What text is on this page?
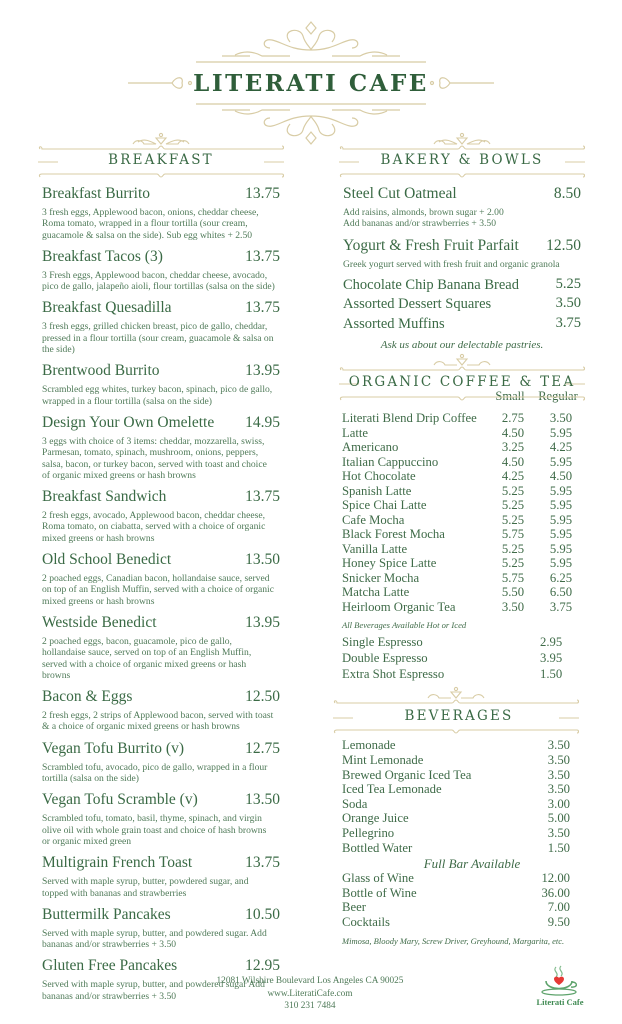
LITERATI CAFE
BREAKFAST
Breakfast Burrito	13.75
3 fresh eggs, Applewood bacon, onions, cheddar cheese, Roma tomato, wrapped in a flour tortilla (sour cream, guacamole & salsa on the side). Sub egg whites + 2.50
Breakfast Tacos (3)	13.75
3 Fresh eggs, Applewood bacon, cheddar cheese, avocado, pico de gallo, jalapeño aioli, flour tortillas (salsa on the side)
Breakfast Quesadilla	13.75
3 fresh eggs, grilled chicken breast, pico de gallo, cheddar, pressed in a flour tortilla (sour cream, guacamole & salsa on the side)
Brentwood Burrito	13.95
Scrambled egg whites, turkey bacon, spinach, pico de gallo, wrapped in a flour tortilla (salsa on the side)
Design Your Own Omelette 14.95
3 eggs with choice of 3 items: cheddar, mozzarella, swiss, Parmesan, tomato, spinach, mushroom, onions, peppers, salsa, bacon, or turkey bacon, served with toast and choice of organic mixed greens or hash browns
Breakfast Sandwich	13.75
2 fresh eggs, avocado, Applewood bacon, cheddar cheese, Roma tomato, on ciabatta, served with a choice of organic mixed greens or hash browns
Old School Benedict	13.50
2 poached eggs, Canadian bacon, hollandaise sauce, served on top of an English Muffin, served with a choice of organic mixed greens or hash browns
Westside Benedict	13.95
2 poached eggs, bacon, guacamole, pico de gallo, hollandaise sauce, served on top of an English Muffin, served with a choice of organic mixed greens or hash browns
Bacon & Eggs	12.50
2 fresh eggs, 2 strips of Applewood bacon, served with toast & a choice of organic mixed greens or hash browns
Vegan Tofu Burrito (v)	12.75
Scrambled tofu, avocado, pico de gallo, wrapped in a flour tortilla (salsa on the side)
Vegan Tofu Scramble (v)	13.50
Scrambled tofu, tomato, basil, thyme, spinach, and virgin olive oil with whole grain toast and choice of hash browns or organic mixed green
Multigrain French Toast	13.75
Served with maple syrup, butter, powdered sugar, and topped with bananas and strawberries
Buttermilk Pancakes	10.50
Served with maple syrup, butter, and powdered sugar. Add bananas and/or strawberries + 3.50
Gluten Free Pancakes	12.95
Served with maple syrup, butter, and powdered sugar Add bananas and/or strawberries + 3.50
BAKERY & BOWLS
Steel Cut Oatmeal	8.50
Add raisins, almonds, brown sugar + 2.00
Add bananas and/or strawberries + 3.50
Yogurt & Fresh Fruit Parfait 12.50
Greek yogurt served with fresh fruit and organic granola
Chocolate Chip Banana Bread	5.25
Assorted Dessert Squares	3.50
Assorted Muffins	3.75
Ask us about our delectable pastries.
ORGANIC COFFEE & TEA
Small	Regular
Literati Blend Drip Coffee	2.75	3.50
Latte	4.50	5.95
Americano	3.25	4.25
Italian Cappuccino	4.50	5.95
Hot Chocolate	4.25	4.50
Spanish Latte	5.25	5.95
Spice Chai Latte	5.25	5.95
Cafe Mocha	5.25	5.95
Black Forest Mocha	5.75	5.95
Vanilla Latte	5.25	5.95
Honey Spice Latte	5.25	5.95
Snicker Mocha	5.75	6.25
Matcha Latte	5.50	6.50
Heirloom Organic Tea	3.50	3.75
All Beverages Available Hot or Iced
Single Espresso	2.95
Double Espresso	3.95
Extra Shot Espresso	1.50
BEVERAGES
Lemonade	3.50
Mint Lemonade	3.50
Brewed Organic Iced Tea	3.50
Iced Tea Lemonade	3.50
Soda	3.00
Orange Juice	5.00
Pellegrino	3.50
Bottled Water	1.50
Full Bar Available
Glass of Wine	12.00
Bottle of Wine	36.00
Beer	7.00
Cocktails	9.50
Mimosa, Bloody Mary, Screw Driver, Greyhound, Margarita, etc.
12081 Wilshire Boulevard Los Angeles CA 90025
www.LiteratiCafe.com
310 231 7484	Literati Cafe
